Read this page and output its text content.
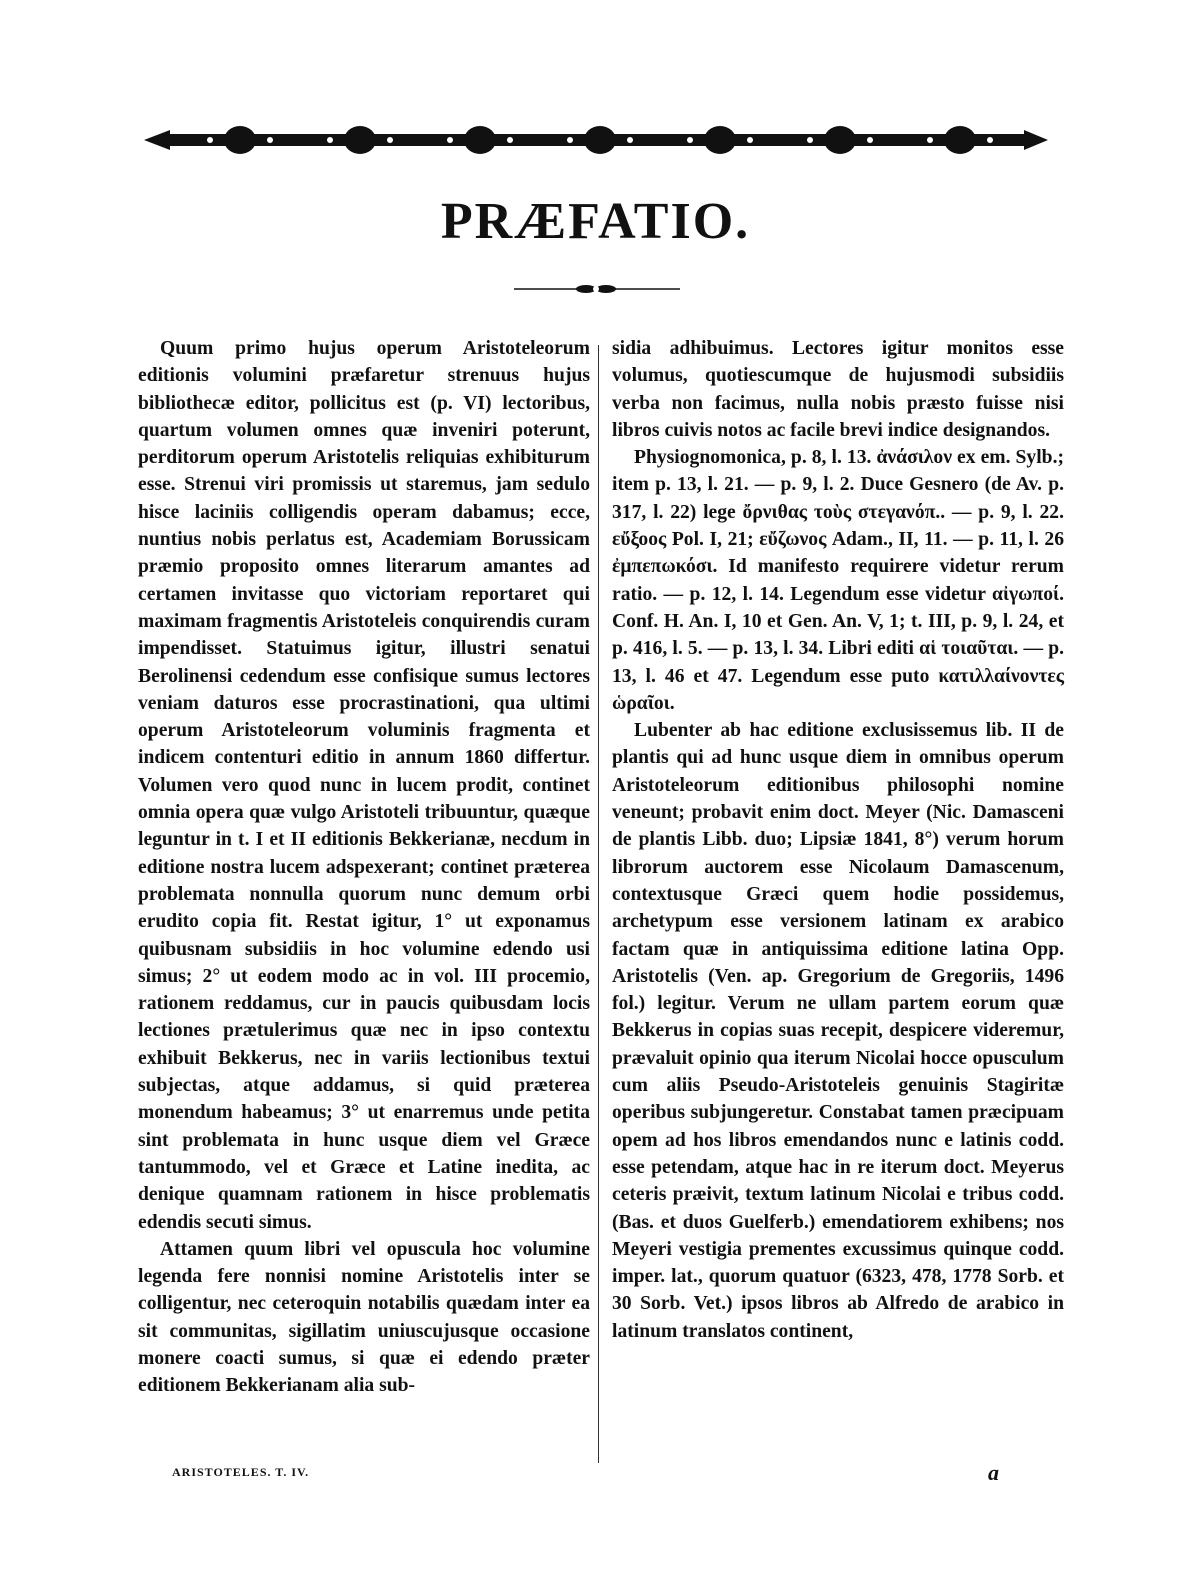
PRÆFATIO.

Quum primo hujus operum Aristoteleorum editionis volumini præfaretur strenuus hujus bibliothecæ editor, pollicitus est (p. VI) lectoribus, quartum volumen omnes quæ inveniri poterunt, perditorum operum Aristotelis reliquias exhibiturum esse. Strenui viri promissis ut staremus, jam sedulo hisce laciniis colligendis operam dabamus; ecce, nuntius nobis perlatus est, Academiam Borussicam præmio proposito omnes literarum amantes ad certamen invitasse quo victoriam reportaret qui maximam fragmentis Aristoteleis conquirendis curam impendisset. Statuimus igitur, illustri senatui Berolinensi cedendum esse confisique sumus lectores veniam daturos esse procrastinationi, qua ultimi operum Aristoteleorum voluminis fragmenta et indicem contenturi editio in annum 1860 differtur. Volumen vero quod nunc in lucem prodit, continet omnia opera quæ vulgo Aristoteli tribuuntur, quæque leguntur in t. I et II editionis Bekkerianæ, necdum in editione nostra lucem adspexerant; continet præterea problemata nonnulla quorum nunc demum orbi erudito copia fit. Restat igitur, 1° ut exponamus quibusnam subsidiis in hoc volumine edendo usi simus; 2° ut eodem modo ac in vol. III procemio, rationem reddamus, cur in paucis quibusdam locis lectiones prætulerimus quæ nec in ipso contextu exhibuit Bekkerus, nec in variis lectionibus textui subjectas, atque addamus, si quid præterea monendum habeamus; 3° ut enarremus unde petita sint problemata in hunc usque diem vel Græce tantummodo, vel et Græce et Latine inedita, ac denique quamnam rationem in hisce problematis edendis secuti simus.

Attamen quum libri vel opuscula hoc volumine legenda fere nonnisi nomine Aristotelis inter se colligentur, nec ceteroquin notabilis quædam inter ea sit communitas, sigillatim uniuscujusque occasione monere coacti sumus, si quæ ei edendo præter editionem Bekkerianam alia sub-

sidia adhibuimus. Lectores igitur monitos esse volumus, quotiescumque de hujusmodi subsidiis verba non facimus, nulla nobis præsto fuisse nisi libros cuivis notos ac facile brevi indice designandos.

Physiognomonica, p. 8, l. 13. ἀνάσιλον ex em. Sylb.; item p. 13, l. 21. — p. 9, l. 2. Duce Gesnero (de Av. p. 317, l. 22) lege ὄρνιθας τοὺς στεγανόπ.. — p. 9, l. 22. εὔξοος Pol. I, 21; εὔζωνος Adam., II, 11. — p. 11, l. 26 ἐμπεπωκόσι. Id manifesto requirere videtur rerum ratio. — p. 12, l. 14. Legendum esse videtur αἰγωποί. Conf. H. An. I, 10 et Gen. An. V, 1; t. III, p. 9, l. 24, et p. 416, l. 5. — p. 13, l. 34. Libri editi αἱ τοιαῦται. — p. 13, l. 46 et 47. Legendum esse puto κατιλλαίνοντες ὡραῖοι.

Lubenter ab hac editione exclusissemus lib. II de plantis qui ad hunc usque diem in omnibus operum Aristoteleorum editionibus philosophi nomine veneunt; probavit enim doct. Meyer (Nic. Damasceni de plantis Libb. duo; Lipsiæ 1841, 8°) verum horum librorum auctorem esse Nicolaum Damascenum, contextusque Græci quem hodie possidemus, archetypum esse versionem latinam ex arabico factam quæ in antiquissima editione latina Opp. Aristotelis (Ven. ap. Gregorium de Gregoriis, 1496 fol.) legitur. Verum ne ullam partem eorum quæ Bekkerus in copias suas recepit, despicere videremur, prævaluit opinio qua iterum Nicolai hocce opusculum cum aliis Pseudo-Aristoteleis genuinis Stagiritæ operibus subjungeretur. Constabat tamen præcipuam opem ad hos libros emendandos nunc e latinis codd. esse petendam, atque hac in re iterum doct. Meyerus ceteris præivit, textum latinum Nicolai e tribus codd. (Bas. et duos Guelferb.) emendatiorem exhibens; nos Meyeri vestigia prementes excussimus quinque codd. imper. lat., quorum quatuor (6323, 478, 1778 Sorb. et 30 Sorb. Vet.) ipsos libros ab Alfredo de arabico in latinum translatos continent,

ARISTOTELES. T. IV.	a
